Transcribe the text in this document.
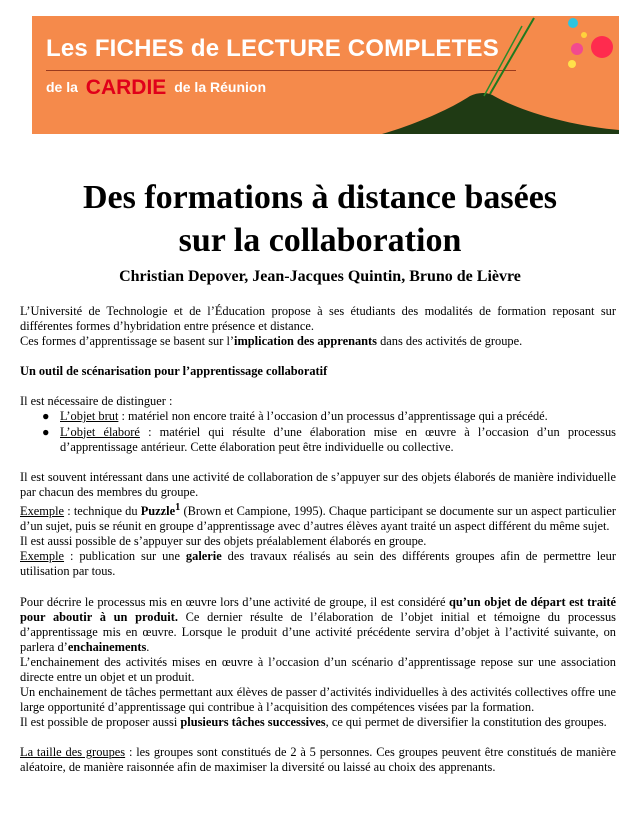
Les FICHES de LECTURE COMPLETES
de la CARDIE de la Réunion
Des formations à distance basées
sur la collaboration
Christian Depover, Jean-Jacques Quintin, Bruno de Lièvre

L’Université de Technologie et de l’Éducation propose à ses étudiants des modalités de formation reposant sur différentes formes d’hybridation entre présence et distance.

Ces formes d’apprentissage se basent sur l’implication des apprenants dans des activités de groupe.

Un outil de scénarisation pour l’apprentissage collaboratif

Il est nécessaire de distinguer :

● L’objet brut : matériel non encore traité à l’occasion d’un processus d’apprentissage qui a précédé.
● L’objet élaboré : matériel qui résulte d’une élaboration mise en œuvre à l’occasion d’un processus d’apprentissage antérieur. Cette élaboration peut être individuelle ou collective.

Il est souvent intéressant dans une activité de collaboration de s’appuyer sur des objets élaborés de manière individuelle par chacun des membres du groupe.

Exemple : technique du Puzzle$^1$ (Brown et Campione, 1995). Chaque participant se documente sur un aspect particulier d’un sujet, puis se réunit en groupe d’apprentissage avec d’autres élèves ayant traité un aspect différent du même sujet.

Il est aussi possible de s’appuyer sur des objets préalablement élaborés en groupe.

Exemple : publication sur une galerie des travaux réalisés au sein des différents groupes afin de permettre leur utilisation par tous.

Pour décrire le processus mis en œuvre lors d’une activité de groupe, il est considéré qu’un objet de départ est traité pour aboutir à un produit. Ce dernier résulte de l’élaboration de l’objet initial et témoigne du processus d’apprentissage mis en œuvre. Lorsque le produit d’une activité précédente servira d’objet à l’activité suivante, on parlera d’enchainements.

L’enchainement des activités mises en œuvre à l’occasion d’un scénario d’apprentissage repose sur une association directe entre un objet et un produit.

Un enchainement de tâches permettant aux élèves de passer d’activités individuelles à des activités collectives offre une large opportunité d’apprentissage qui contribue à l’acquisition des compétences visées par la formation.

Il est possible de proposer aussi plusieurs tâches successives, ce qui permet de diversifier la constitution des groupes.

La taille des groupes : les groupes sont constitués de 2 à 5 personnes. Ces groupes peuvent être constitués de manière aléatoire, de manière raisonnée afin de maximiser la diversité ou laissé au choix des apprenants.
